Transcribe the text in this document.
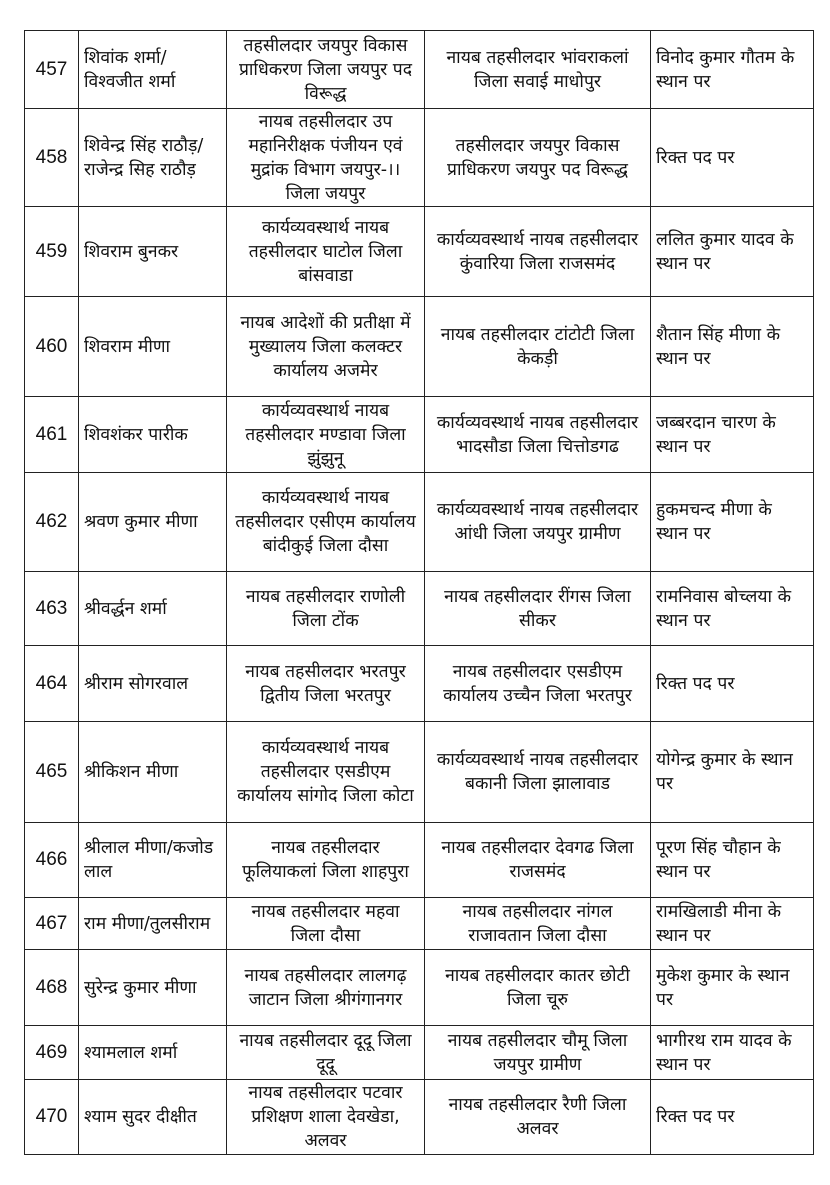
457	शिवांक शर्मा/विश्वजीत शर्मा	तहसीलदार जयपुर विकास प्राधिकरण जिला जयपुर पद विरूद्ध	नायब तहसीलदार भांवराकलां जिला सवाई माधोपुर	विनोद कुमार गौतम के स्थान पर
458	शिवेन्द्र सिंह राठौड़/राजेन्द्र सिह राठौड़	नायब तहसीलदार उप महानिरीक्षक पंजीयन एवं मुद्रांक विभाग जयपुर-।। जिला जयपुर	तहसीलदार जयपुर विकास प्राधिकरण जयपुर पद विरूद्ध	रिक्त पद पर
459	शिवराम बुनकर	कार्यव्यवस्थार्थ नायब तहसीलदार घाटोल जिला बांसवाडा	कार्यव्यवस्थार्थ नायब तहसीलदार कुंवारिया जिला राजसमंद	ललित कुमार यादव के स्थान पर
460	शिवराम मीणा	नायब आदेशों की प्रतीक्षा में मुख्यालय जिला कलक्टर कार्यालय अजमेर	नायब तहसीलदार टांटोटी जिला केकड़ी	शैतान सिंह मीणा के स्थान पर
461	शिवशंकर पारीक	कार्यव्यवस्थार्थ नायब तहसीलदार मण्डावा जिला झुंझुनू	कार्यव्यवस्थार्थ नायब तहसीलदार भादसौडा जिला चित्तोडगढ	जब्बरदान चारण के स्थान पर
462	श्रवण कुमार मीणा	कार्यव्यवस्थार्थ नायब तहसीलदार एसीएम कार्यालय बांदीकुई जिला दौसा	कार्यव्यवस्थार्थ नायब तहसीलदार आंधी जिला जयपुर ग्रामीण	हुकमचन्द मीणा के स्थान पर
463	श्रीवर्द्धन शर्मा	नायब तहसीलदार राणोली जिला टोंक	नायब तहसीलदार रींगस जिला सीकर	रामनिवास बोच्लया के स्थान पर
464	श्रीराम सोगरवाल	नायब तहसीलदार भरतपुर द्वितीय जिला भरतपुर	नायब तहसीलदार एसडीएम कार्यालय उच्चैन जिला भरतपुर	रिक्त पद पर
465	श्रीकिशन मीणा	कार्यव्यवस्थार्थ नायब तहसीलदार एसडीएम कार्यालय सांगोद जिला कोटा	कार्यव्यवस्थार्थ नायब तहसीलदार बकानी जिला झालावाड	योगेन्द्र कुमार के स्थान पर
466	श्रीलाल मीणा/कजोड लाल	नायब तहसीलदार फूलियाकलां जिला शाहपुरा	नायब तहसीलदार देवगढ जिला राजसमंद	पूरण सिंह चौहान के स्थान पर
467	राम मीणा/तुलसीराम	नायब तहसीलदार महवा जिला दौसा	नायब तहसीलदार नांगल राजावतान जिला दौसा	रामखिलाडी मीना के स्थान पर
468	सुरेन्द्र कुमार मीणा	नायब तहसीलदार लालगढ़ जाटान जिला श्रीगंगानगर	नायब तहसीलदार कातर छोटी जिला चूरु	मुकेश कुमार के स्थान पर
469	श्यामलाल शर्मा	नायब तहसीलदार दूदू जिला दूदू	नायब तहसीलदार चौमू जिला जयपुर ग्रामीण	भागीरथ राम यादव के स्थान पर
470	श्याम सुदर दीक्षीत	नायब तहसीलदार पटवार प्रशिक्षण शाला देवखेडा, अलवर	नायब तहसीलदार रैणी जिला अलवर	रिक्त पद पर
